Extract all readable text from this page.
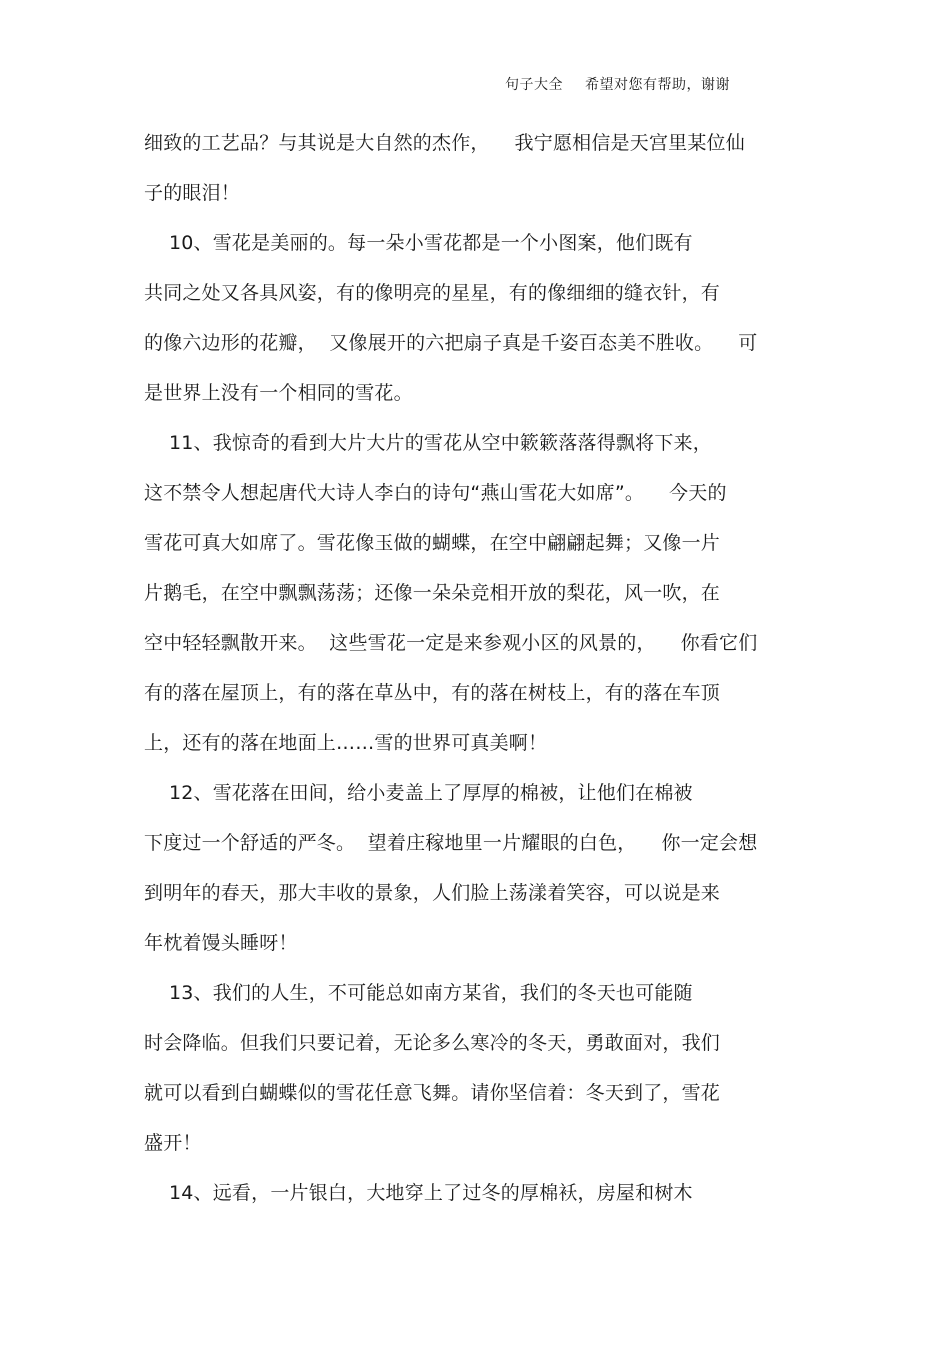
句子大全 希望对您有帮助，谢谢
细致的工艺品？与其说是大自然的杰作，    我宁愿相信是天宫里某位仙
子的眼泪！
10、雪花是美丽的。每一朵小雪花都是一个小图案，他们既有
共同之处又各具风姿，有的像明亮的星星，有的像细细的缝衣针，有
的像六边形的花瓣，  又像展开的六把扇子真是千姿百态美不胜收。    可
是世界上没有一个相同的雪花。
11、我惊奇的看到大片大片的雪花从空中簌簌落落得飘将下来，
这不禁令人想起唐代大诗人李白的诗句“燕山雪花大如席”。    今天的
雪花可真大如席了。雪花像玉做的蝴蝶，在空中翩翩起舞；又像一片
片鹅毛，在空中飘飘荡荡；还像一朵朵竞相开放的梨花，风一吹，在
空中轻轻飘散开来。  这些雪花一定是来参观小区的风景的，    你看它们
有的落在屋顶上，有的落在草丛中，有的落在树枝上，有的落在车顶
上，还有的落在地面上……雪的世界可真美啊！
12、雪花落在田间，给小麦盖上了厚厚的棉被，让他们在棉被
下度过一个舒适的严冬。  望着庄稼地里一片耀眼的白色，    你一定会想
到明年的春天，那大丰收的景象，人们脸上荡漾着笑容，可以说是来
年枕着馒头睡呀！
13、我们的人生，不可能总如南方某省，我们的冬天也可能随
时会降临。但我们只要记着，无论多么寒冷的冬天，勇敢面对，我们
就可以看到白蝴蝶似的雪花任意飞舞。请你坚信着：冬天到了，雪花
盛开！
14、远看，一片银白，大地穿上了过冬的厚棉袄，房屋和树木
